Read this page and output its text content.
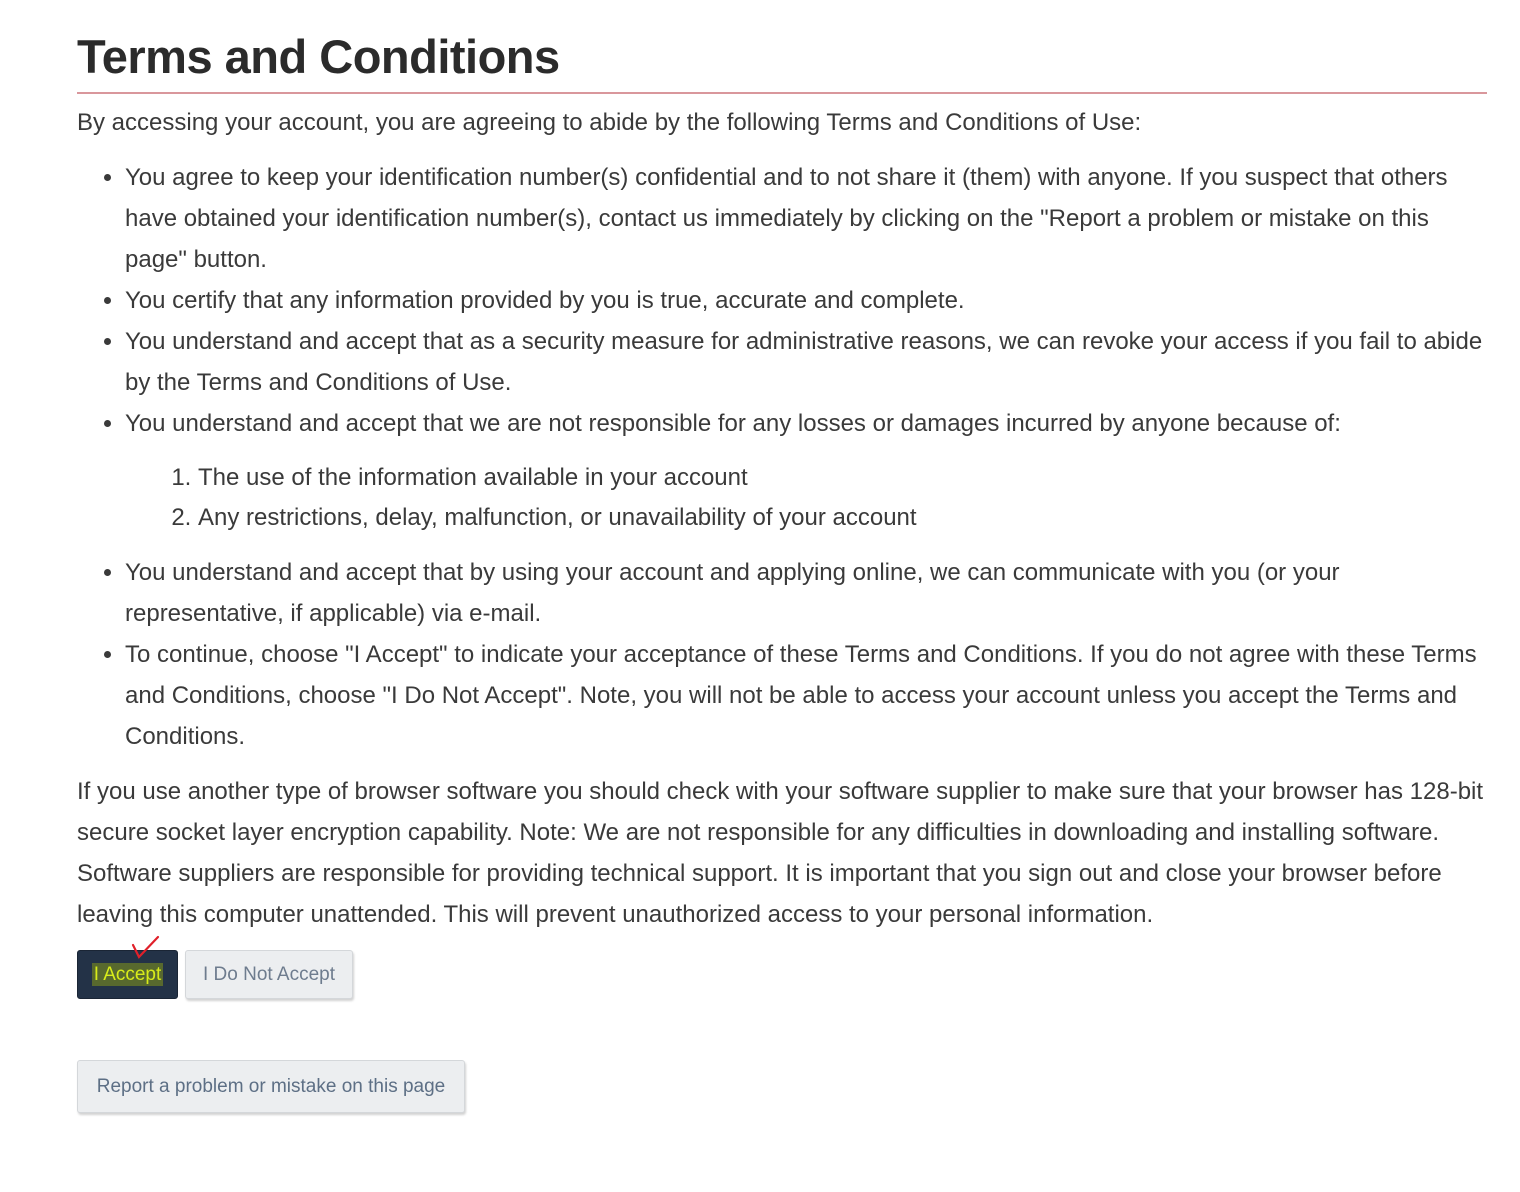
Terms and Conditions

By accessing your account, you are agreeing to abide by the following Terms and Conditions of Use:

• You agree to keep your identification number(s) confidential and to not share it (them) with anyone. If you suspect that others have obtained your identification number(s), contact us immediately by clicking on the "Report a problem or mistake on this page" button.
• You certify that any information provided by you is true, accurate and complete.
• You understand and accept that as a security measure for administrative reasons, we can revoke your access if you fail to abide by the Terms and Conditions of Use.
• You understand and accept that we are not responsible for any losses or damages incurred by anyone because of:
1. The use of the information available in your account
2. Any restrictions, delay, malfunction, or unavailability of your account
• You understand and accept that by using your account and applying online, we can communicate with you (or your representative, if applicable) via e-mail.
• To continue, choose "I Accept" to indicate your acceptance of these Terms and Conditions. If you do not agree with these Terms and Conditions, choose "I Do Not Accept". Note, you will not be able to access your account unless you accept the Terms and Conditions.

If you use another type of browser software you should check with your software supplier to make sure that your browser has 128-bit secure socket layer encryption capability. Note: We are not responsible for any difficulties in downloading and installing software. Software suppliers are responsible for providing technical support. It is important that you sign out and close your browser before leaving this computer unattended. This will prevent unauthorized access to your personal information.

I Accept	I Do Not Accept
Report a problem or mistake on this page
